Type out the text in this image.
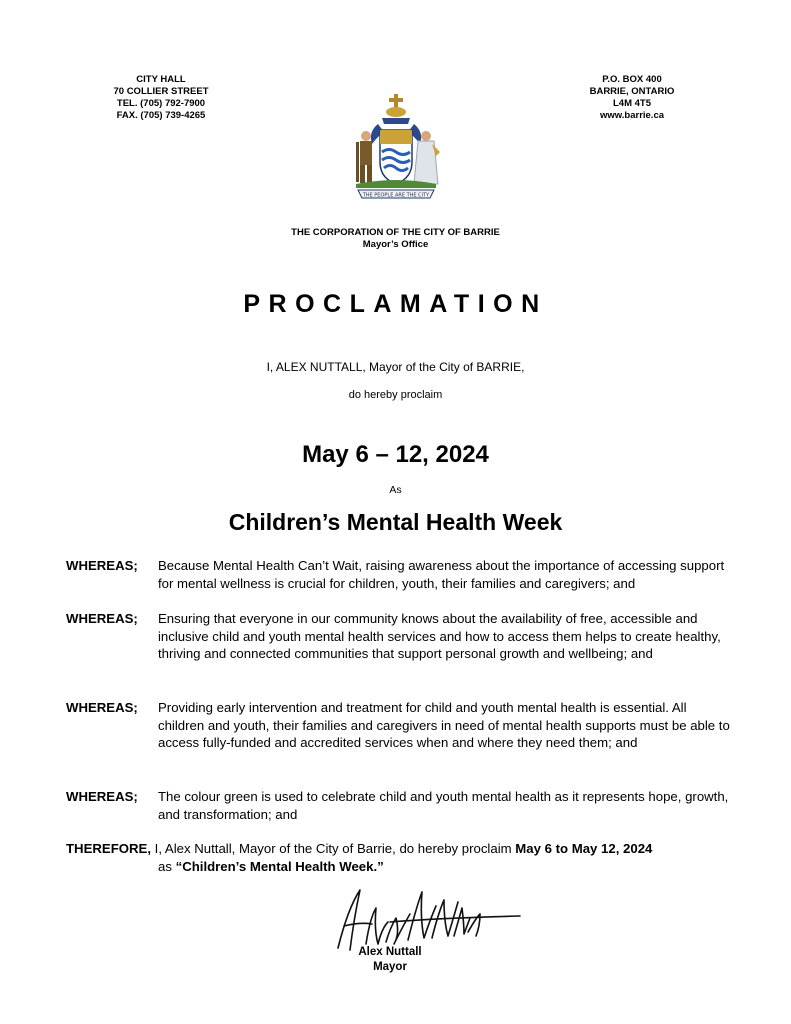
CITY HALL
70 COLLIER STREET
TEL. (705) 792-7900
FAX. (705) 739-4265
P.O. BOX 400
BARRIE, ONTARIO
L4M 4T5
www.barrie.ca
THE PEOPLE ARE THE CITY
THE CORPORATION OF THE CITY OF BARRIE
Mayor’s Office
PROCLAMATION
I, ALEX NUTTALL, Mayor of the City of BARRIE,
do hereby proclaim
May 6 – 12, 2024
As
Children’s Mental Health Week
WHEREAS; Because Mental Health Can’t Wait, raising awareness about the importance of accessing support for mental wellness is crucial for children, youth, their families and caregivers; and
WHEREAS; Ensuring that everyone in our community knows about the availability of free, accessible and inclusive child and youth mental health services and how to access them helps to create healthy, thriving and connected communities that support personal growth and wellbeing; and
WHEREAS; Providing early intervention and treatment for child and youth mental health is essential. All children and youth, their families and caregivers in need of mental health supports must be able to access fully-funded and accredited services when and where they need them; and
WHEREAS; The colour green is used to celebrate child and youth mental health as it represents hope, growth, and transformation; and
THEREFORE, I, Alex Nuttall, Mayor of the City of Barrie, do hereby proclaim May 6 to May 12, 2024
as “Children’s Mental Health Week.”
Alex Nuttall
Mayor
